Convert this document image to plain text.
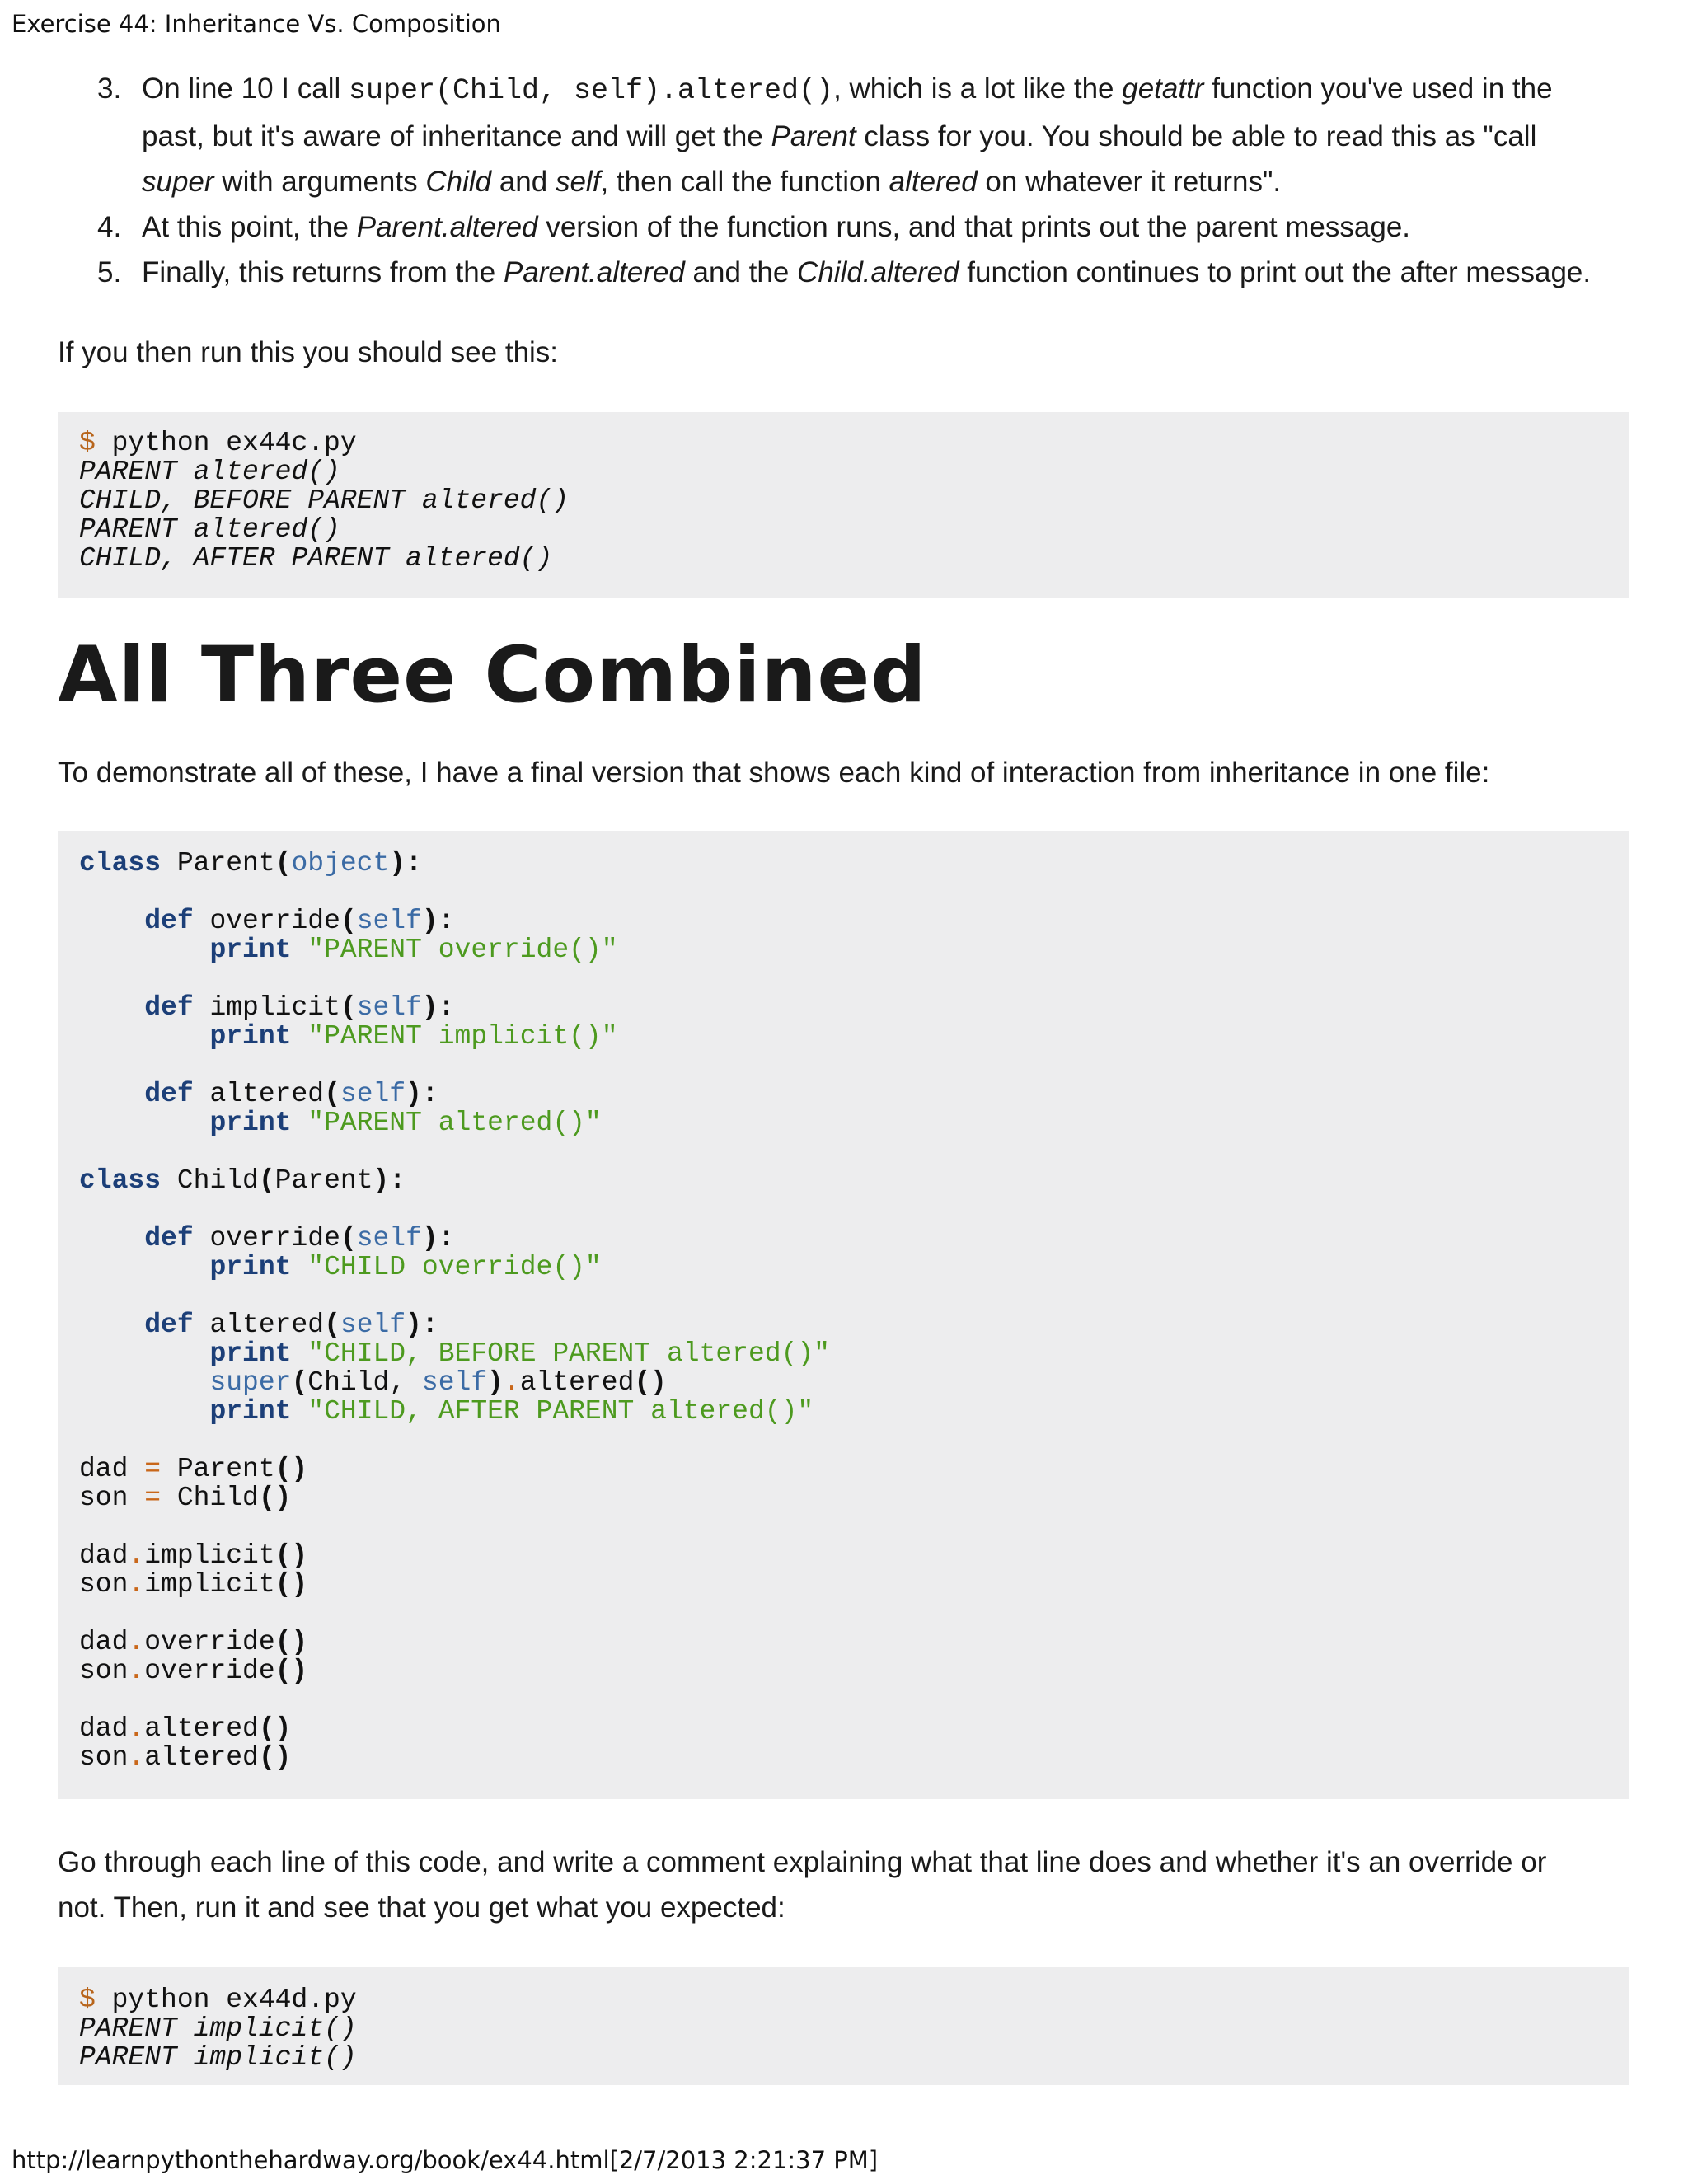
Exercise 44: Inheritance Vs. Composition
3. On line 10 I call super(Child, self).altered(), which is a lot like the getattr function you've used in the
past, but it's aware of inheritance and will get the Parent class for you. You should be able to read this as "call
super with arguments Child and self, then call the function altered on whatever it returns".
4. At this point, the Parent.altered version of the function runs, and that prints out the parent message.
5. Finally, this returns from the Parent.altered and the Child.altered function continues to print out the after message.

If you then run this you should see this:

$ python ex44c.py
PARENT altered()
CHILD, BEFORE PARENT altered()
PARENT altered()
CHILD, AFTER PARENT altered()
All Three Combined

To demonstrate all of these, I have a final version that shows each kind of interaction from inheritance in one file:

class Parent(object):
def override(self):
print "PARENT override()"
def implicit(self):
print "PARENT implicit()"
def altered(self):
print "PARENT altered()"
class Child(Parent):
def override(self):
print "CHILD override()"
def altered(self):
print "CHILD, BEFORE PARENT altered()"
super(Child, self).altered()
print "CHILD, AFTER PARENT altered()"
dad = Parent()
son = Child()
dad.implicit()
son.implicit()
dad.override()
son.override()
dad.altered()
son.altered()
Go through each line of this code, and write a comment explaining what that line does and whether it's an override or
not. Then, run it and see that you get what you expected:
$ python ex44d.py
PARENT implicit()
PARENT implicit()
http://learnpythonthehardway.org/book/ex44.html[2/7/2013 2:21:37 PM]
